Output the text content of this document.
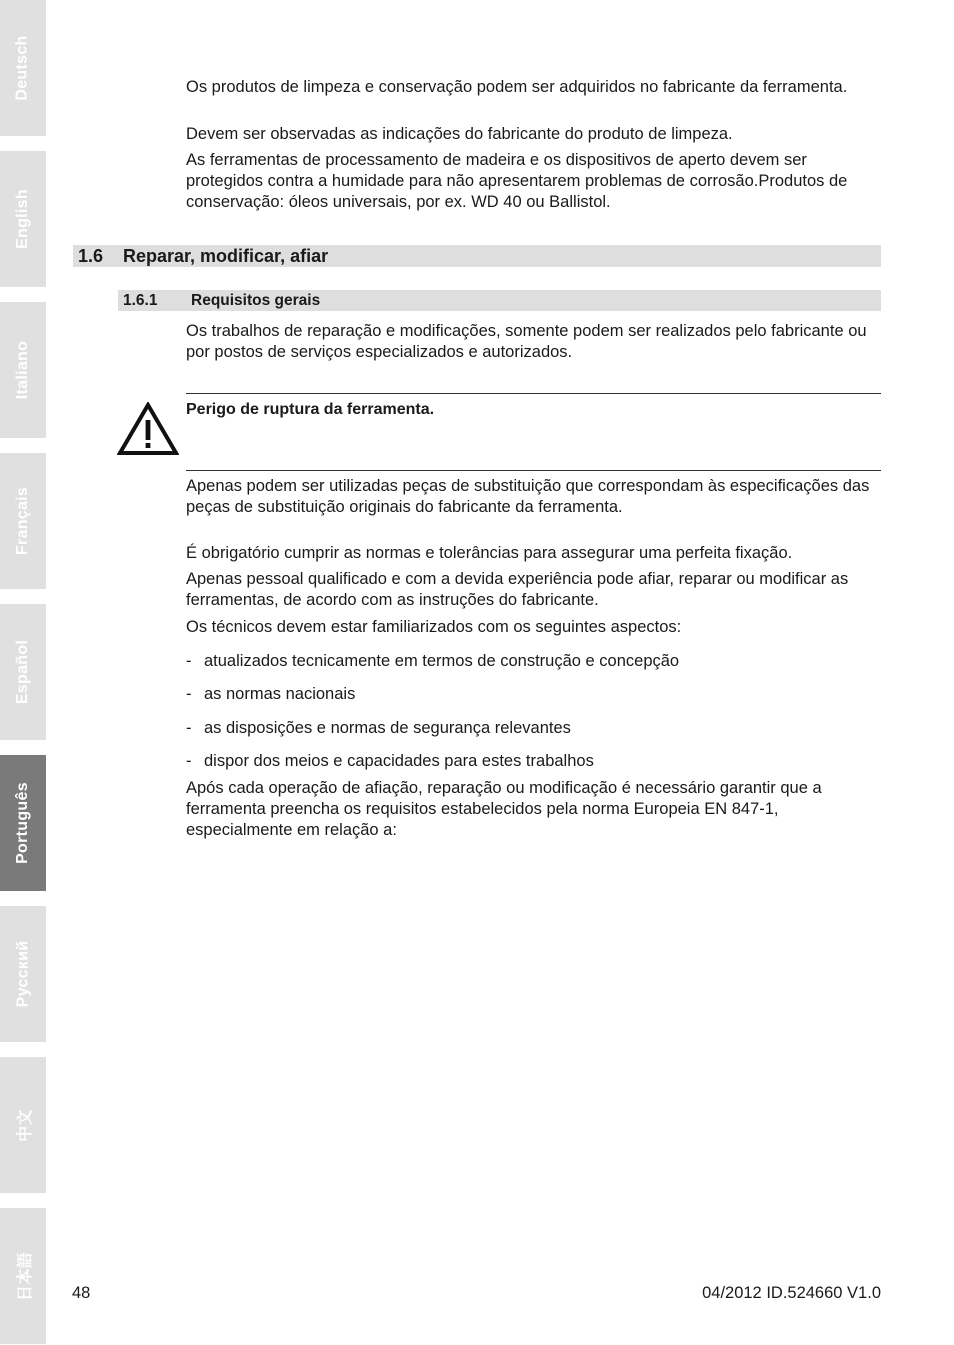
Deutsch
English
Italiano
Français
Español
Português
Русский
中文
日本語

Os produtos de limpeza e conservação podem ser adquiridos no fabricante da ferramenta.

Devem ser observadas as indicações do fabricante do produto de limpeza.

As ferramentas de processamento de madeira e os dispositivos de aperto devem ser protegidos contra a humidade para não apresentarem problemas de corrosão.Produtos de conservação: óleos universais, por ex. WD 40 ou Ballistol.

1.6 Reparar, modificar, afiar
1.6.1 Requisitos gerais

Os trabalhos de reparação e modificações, somente podem ser realizados pelo fabricante ou por postos de serviços especializados e autorizados.

Perigo de ruptura da ferramenta.

Apenas podem ser utilizadas peças de substituição que correspondam às especificações das peças de substituição originais do fabricante da ferramenta.

É obrigatório cumprir as normas e tolerâncias para assegurar uma perfeita fixação.

Apenas pessoal qualificado e com a devida experiência pode afiar, reparar ou modificar as ferramentas, de acordo com as instruções do fabricante.

Os técnicos devem estar familiarizados com os seguintes aspectos:

- atualizados tecnicamente em termos de construção e concepção
- as normas nacionais
- as disposições e normas de segurança relevantes
- dispor dos meios e capacidades para estes trabalhos

Após cada operação de afiação, reparação ou modificação é necessário garantir que a ferramenta preencha os requisitos estabelecidos pela norma Europeia EN 847-1, especialmente em relação a:

48	04/2012 ID.524660 V1.0
